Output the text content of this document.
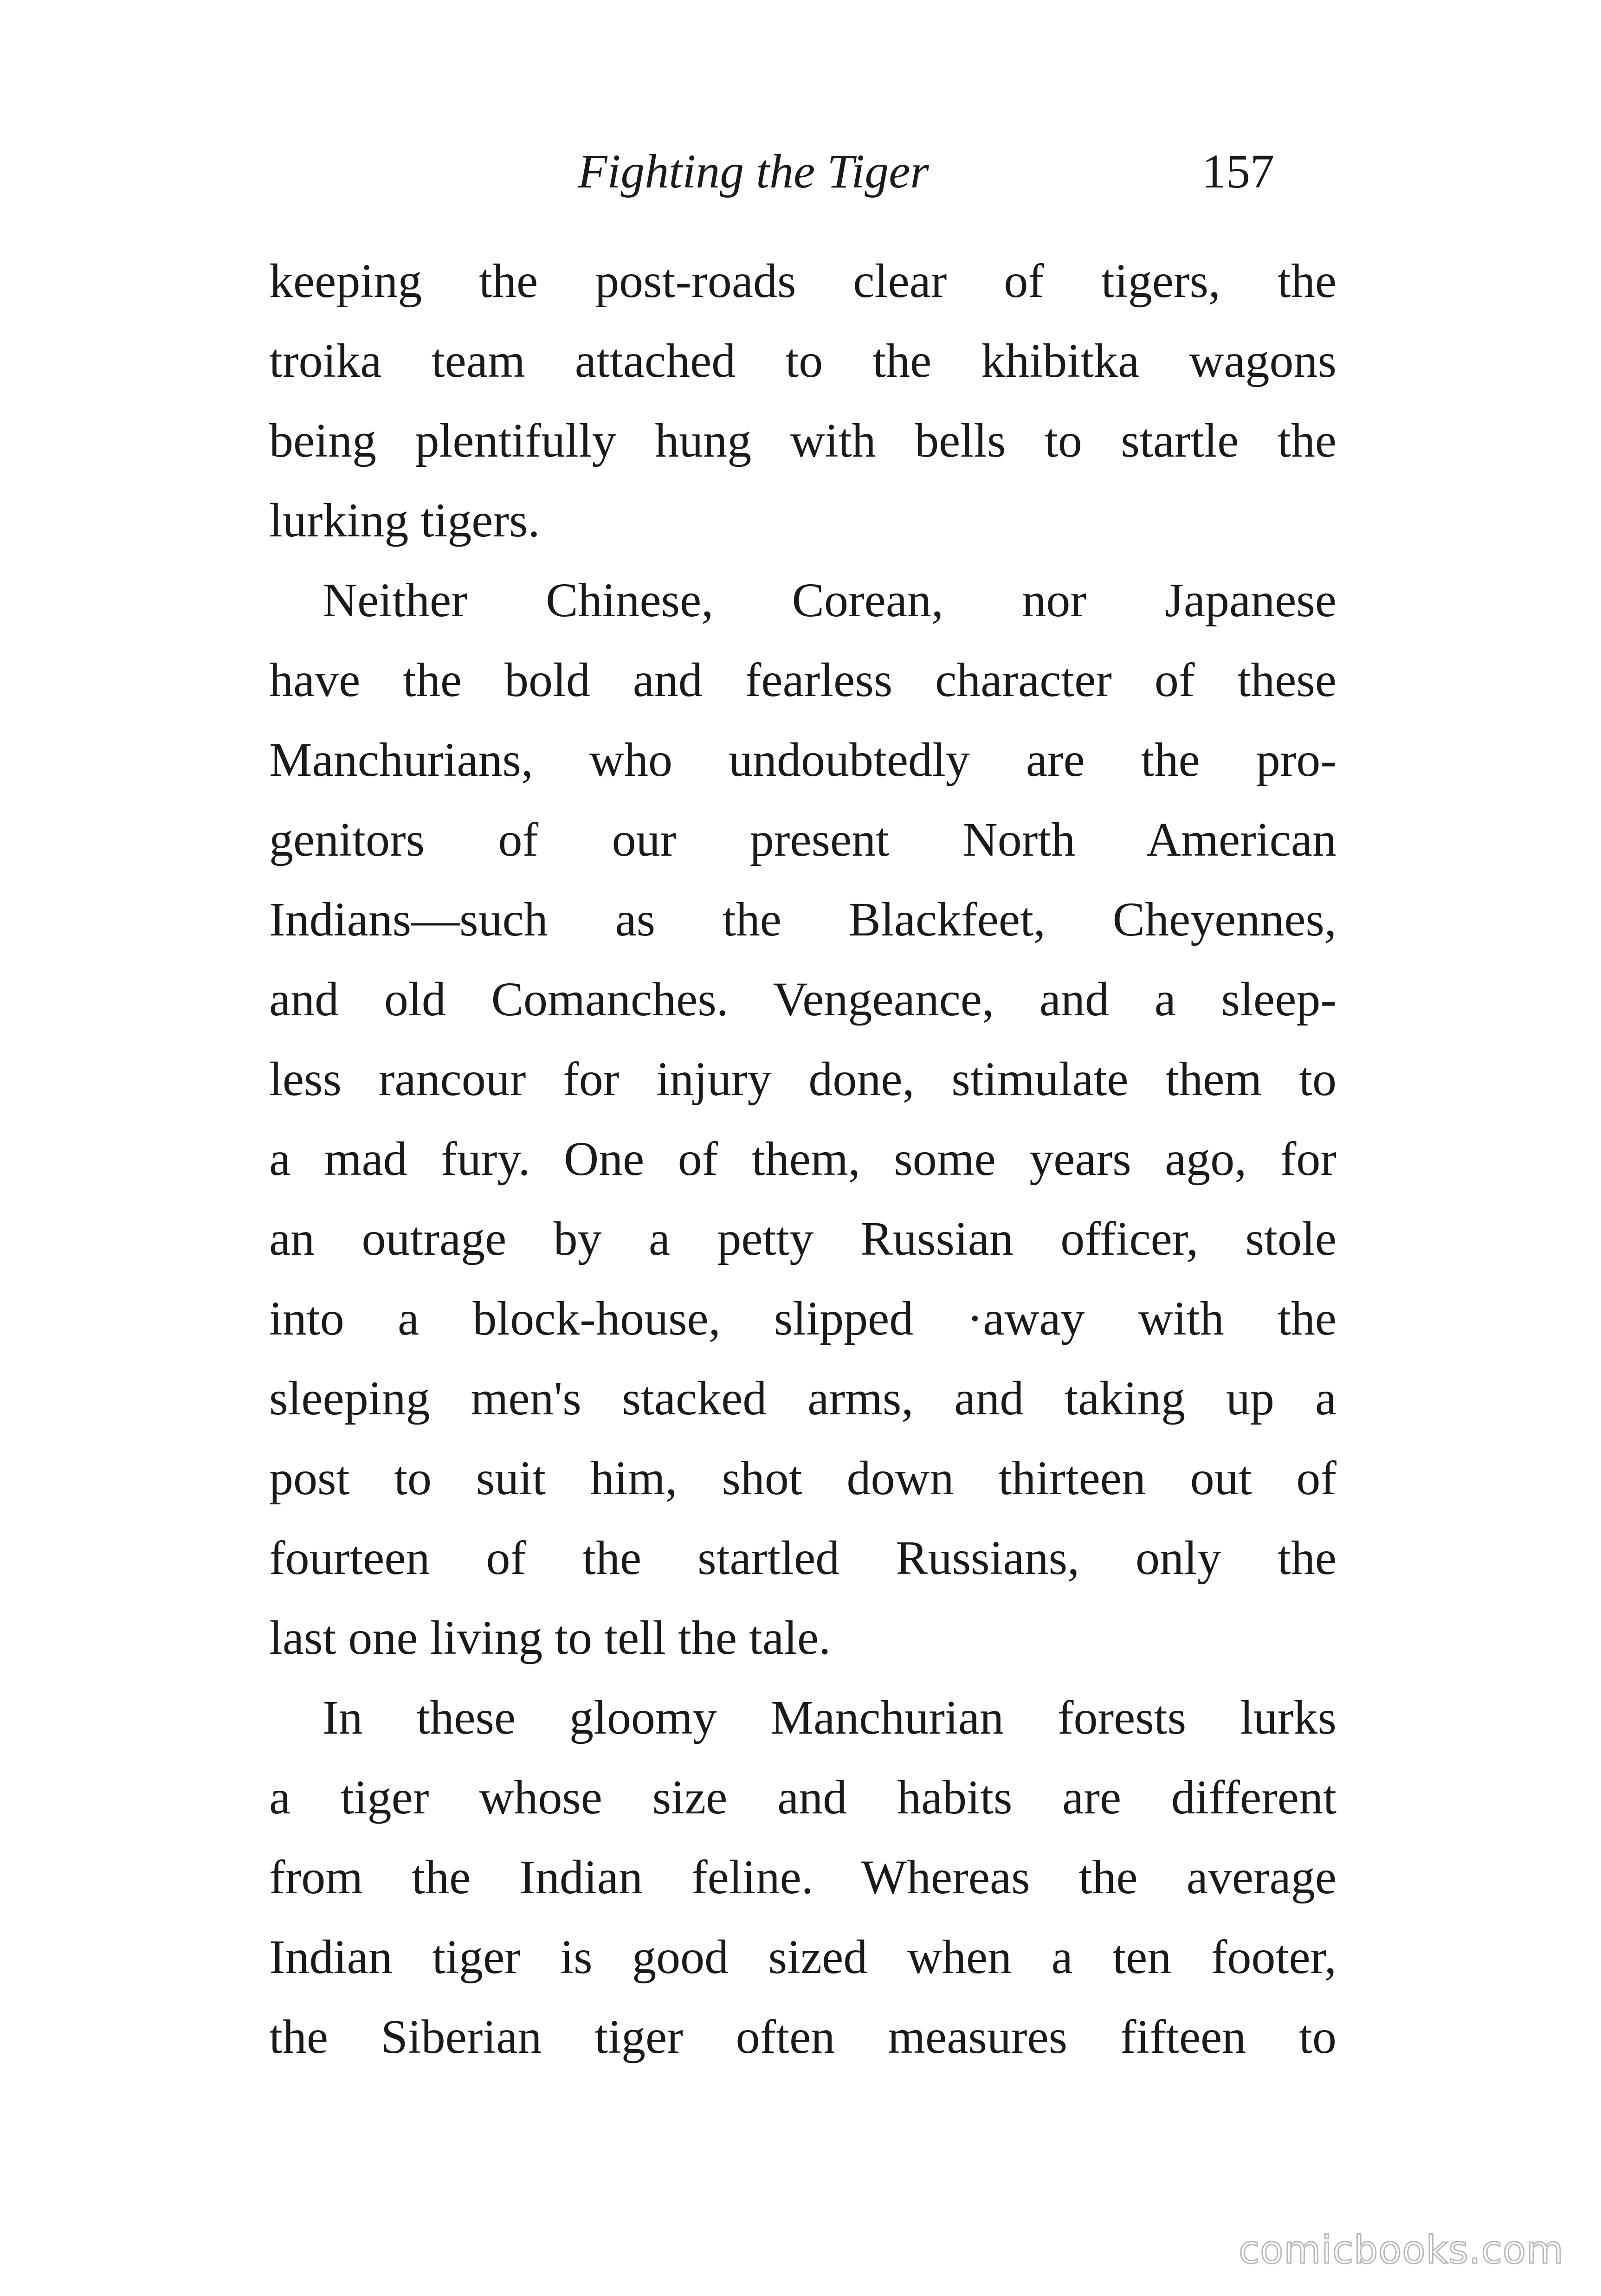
Fighting the Tiger	157
keeping the post-roads clear of tigers, the
troika team attached to the khibitka wagons
being plentifully hung with bells to startle the
lurking tigers.
Neither Chinese, Corean, nor Japanese
have the bold and fearless character of these
Manchurians, who undoubtedly are the pro-
genitors of our present North American
Indians—such as the Blackfeet, Cheyennes,
and old Comanches. Vengeance, and a sleep-
less rancour for injury done, stimulate them to
a mad fury. One of them, some years ago, for
an outrage by a petty Russian officer, stole
into a block-house, slipped ·away with the
sleeping men's stacked arms, and taking up a
post to suit him, shot down thirteen out of
fourteen of the startled Russians, only the
last one living to tell the tale.
In these gloomy Manchurian forests lurks
a tiger whose size and habits are different
from the Indian feline. Whereas the average
Indian tiger is good sized when a ten footer,
the Siberian tiger often measures fifteen to
comicbooks.com
